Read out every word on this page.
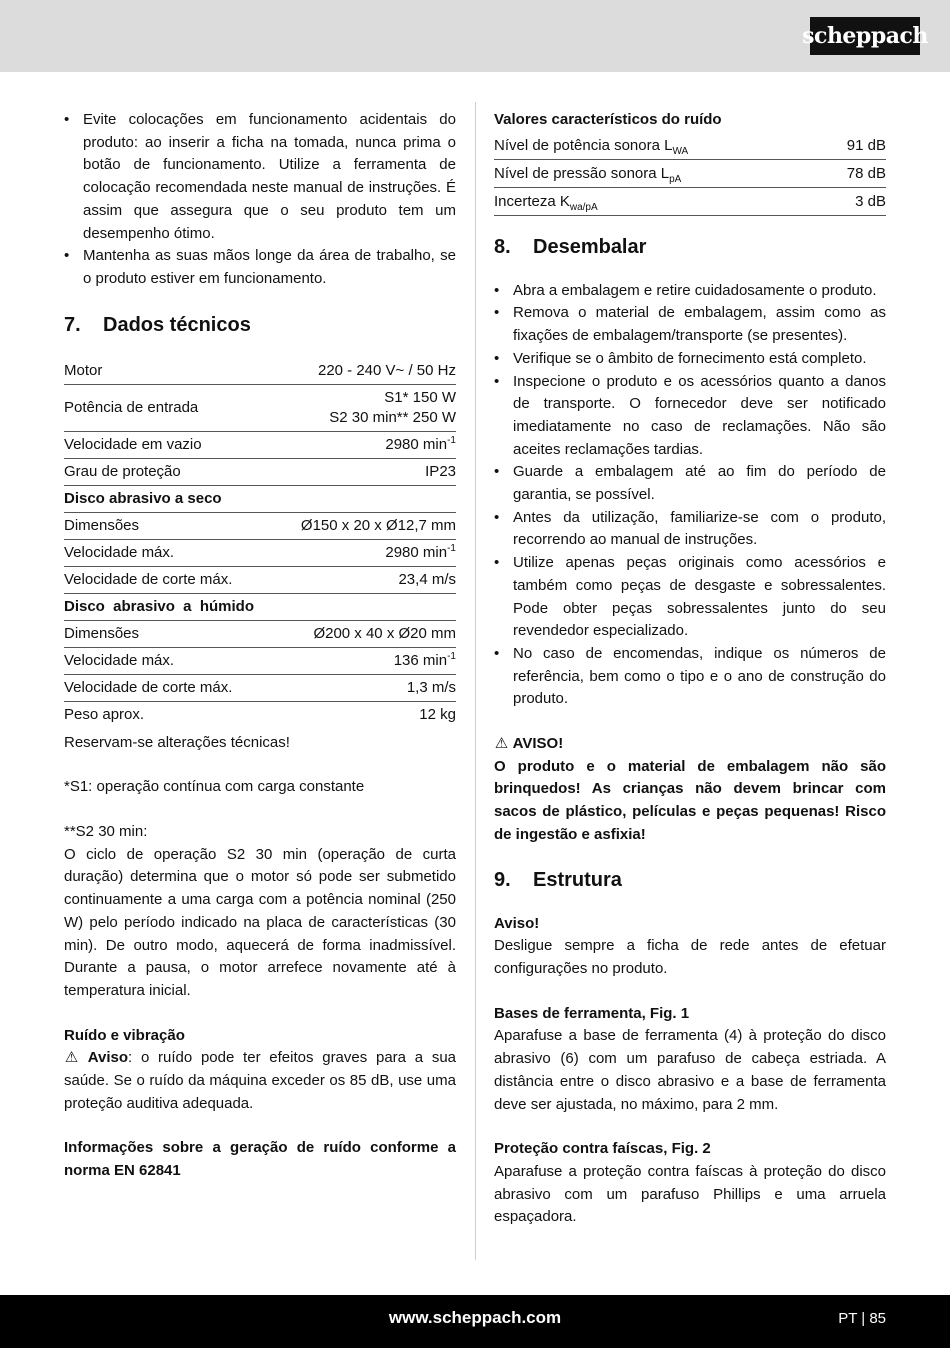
scheppach
• Evite colocações em funcionamento acidentais do produto: ao inserir a ficha na tomada, nunca prima o botão de funcionamento. Utilize a ferramenta de colocação recomendada neste manual de instruções. É assim que assegura que o seu produto tem um desempenho ótimo.
• Mantenha as suas mãos longe da área de trabalho, se o produto estiver em funcionamento.
7.	Dados técnicos
Motor	220 - 240 V~ / 50 Hz
Potência de entrada	S1* 150 W
S2 30 min** 250 W

Velocidade em vazio	2980 $\min^{-1}$
Grau de proteção	IP23
Disco abrasivo a seco	
Dimensões	Ø150 x 20 x Ø12,7 mm
Velocidade máx.	2980 $\min^{-1}$
Velocidade de corte máx.	23,4 m/s
Disco abrasivo a húmido	
Dimensões	Ø200 x 40 x Ø20 mm
Velocidade máx.	136 $\min^{-1}$
Velocidade de corte máx.	1,3 m/s
Peso aprox.	12 kg

Reservam-se alterações técnicas!

*S1: operação contínua com carga constante

**S2 30 min:

O ciclo de operação S2 30 min (operação de curta duração) determina que o motor só pode ser submetido continuamente a uma carga com a potência nominal (250 W) pelo período indicado na placa de características (30 min). De outro modo, aquecerá de forma inadmissível. Durante a pausa, o motor arrefece novamente até à temperatura inicial.

Ruído e vibração

⚠ Aviso: o ruído pode ter efeitos graves para a sua saúde. Se o ruído da máquina exceder os 85 dB, use uma proteção auditiva adequada.

Informações sobre a geração de ruído conforme a norma EN 62841

Valores característicos do ruído

Nível de potência sonora $L_{WA}$	91 dB
Nível de pressão sonora $L_{pA}$	78 dB
Incerteza $K_{wa/pA}$	3 dB
8.	Desembalar
• Abra a embalagem e retire cuidadosamente o produto.
• Remova o material de embalagem, assim como as fixações de embalagem/transporte (se presentes).
• Verifique se o âmbito de fornecimento está completo.
• Inspecione o produto e os acessórios quanto a danos de transporte. O fornecedor deve ser notificado imediatamente no caso de reclamações. Não são aceites reclamações tardias.
• Guarde a embalagem até ao fim do período de garantia, se possível.
• Antes da utilização, familiarize-se com o produto, recorrendo ao manual de instruções.
• Utilize apenas peças originais como acessórios e também como peças de desgaste e sobressalentes. Pode obter peças sobressalentes junto do seu revendedor especializado.
• No caso de encomendas, indique os números de referência, bem como o tipo e o ano de construção do produto.

⚠ AVISO!

O produto e o material de embalagem não são brinquedos! As crianças não devem brincar com sacos de plástico, películas e peças pequenas! Risco de ingestão e asfixia!

9.	Estrutura

Aviso!

Desligue sempre a ficha de rede antes de efetuar configurações no produto.

Bases de ferramenta, Fig. 1

Aparafuse a base de ferramenta (4) à proteção do disco abrasivo (6) com um parafuso de cabeça estriada. A distância entre o disco abrasivo e a base de ferramenta deve ser ajustada, no máximo, para 2 mm.

Proteção contra faíscas, Fig. 2

Aparafuse a proteção contra faíscas à proteção do disco abrasivo com um parafuso Phillips e uma arruela espaçadora.

www.scheppach.com	PT | 85
